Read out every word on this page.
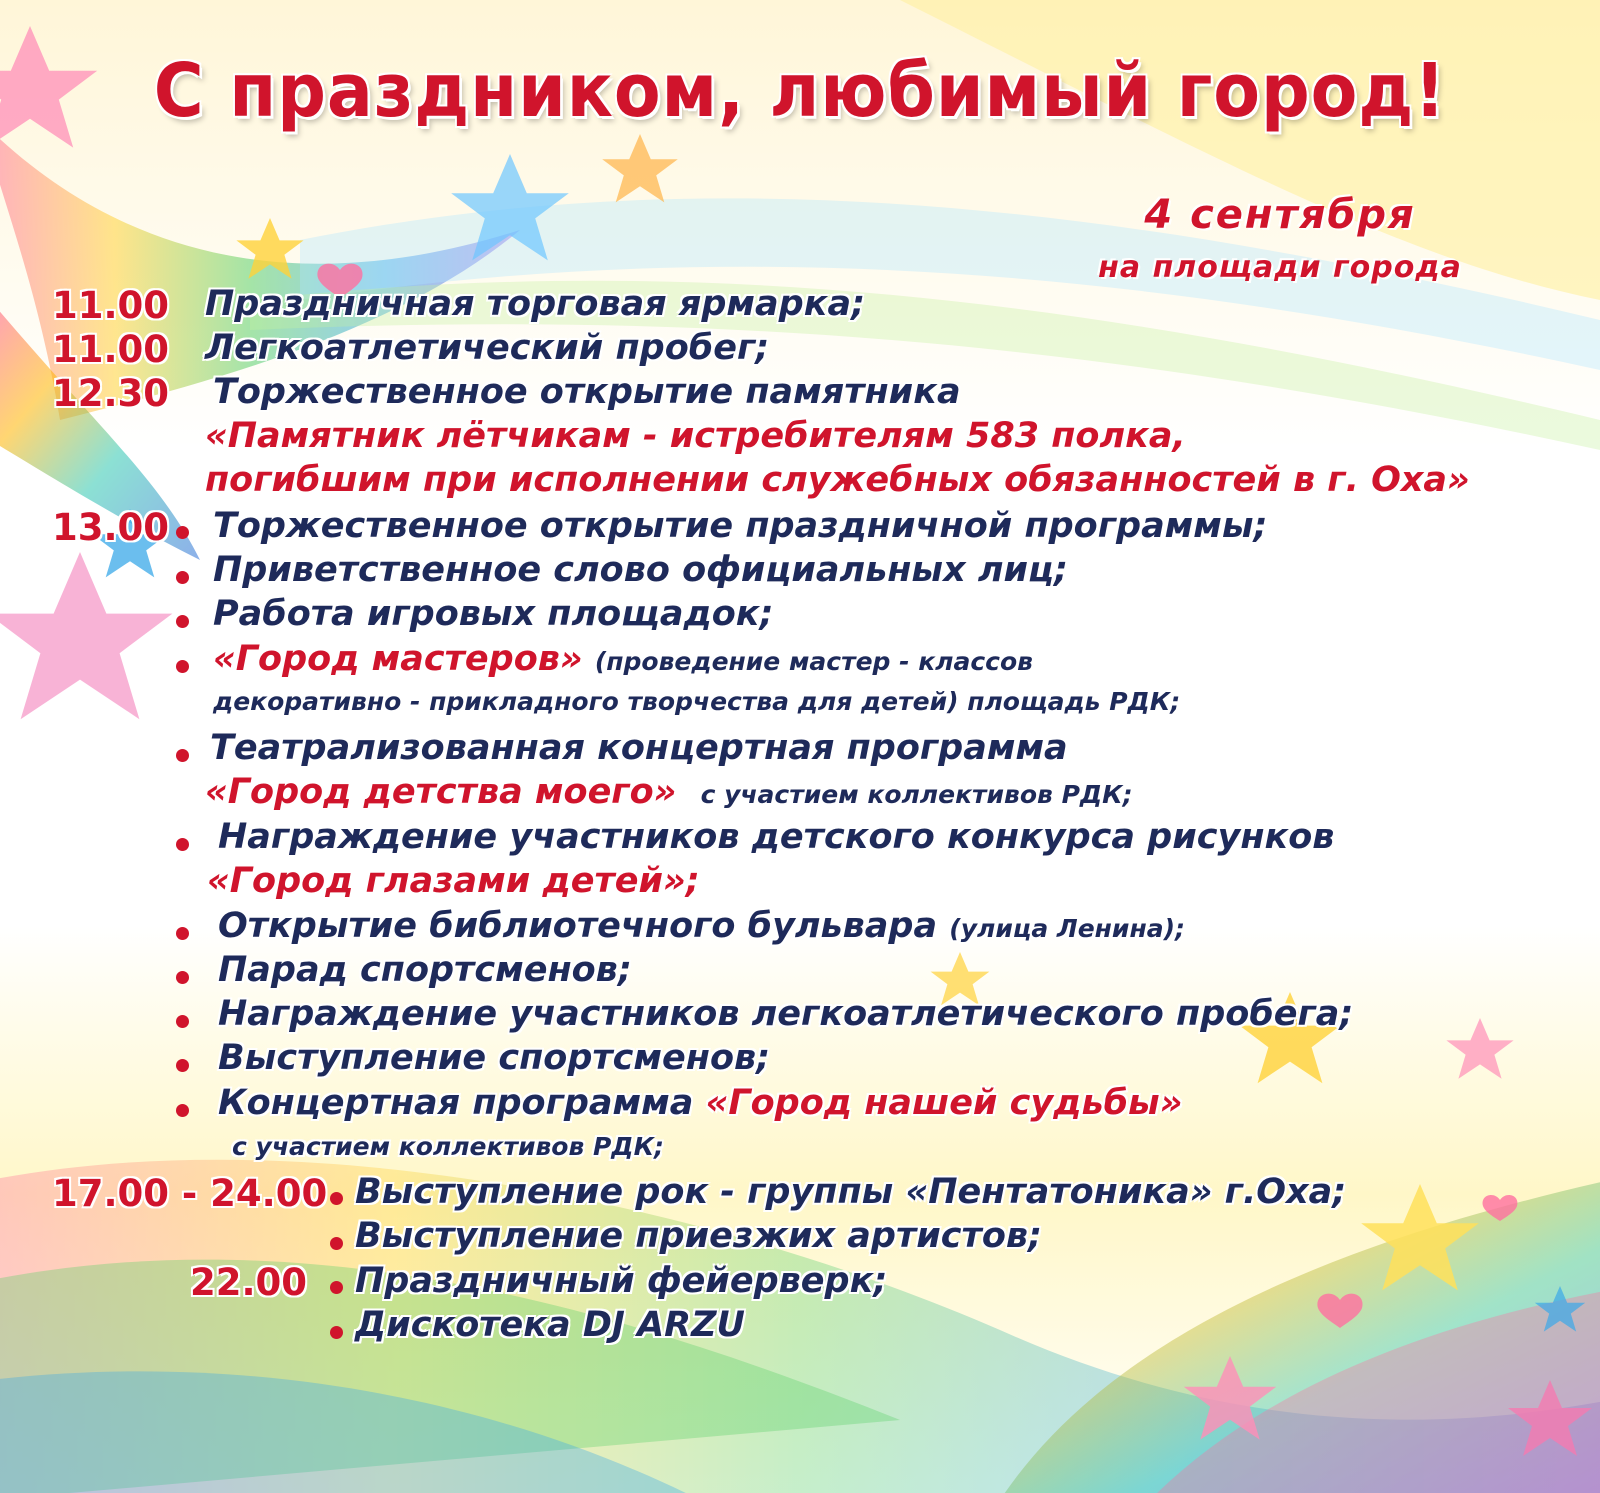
С праздником, любимый город!
4 сентября
на площади города
11.00 Праздничная торговая ярмарка;
11.00 Легкоатлетический пробег;
12.30 Торжественное открытие памятника
«Памятник лётчикам - истребителям 583 полка,
погибшим при исполнении служебных обязанностей в г. Оха»
13.00 Торжественное открытие праздничной программы;
Приветственное слово официальных лиц;
Работа игровых площадок;
«Город мастеров» (проведение мастер - классов
декоративно - прикладного творчества для детей) площадь РДК;
Театрализованная концертная программа
«Город детства моего» с участием коллективов РДК;
Награждение участников детского конкурса рисунков
«Город глазами детей»;
Открытие библиотечного бульвара (улица Ленина);
Парад спортсменов;
Награждение участников легкоатлетического пробега;
Выступление спортсменов;
Концертная программа «Город нашей судьбы»
с участием коллективов РДК;
17.00 - 24.00 Выступление рок - группы «Пентатоника» г.Оха;
Выступление приезжих артистов;
22.00 Праздничный фейерверк;
Дискотека DJ ARZU
